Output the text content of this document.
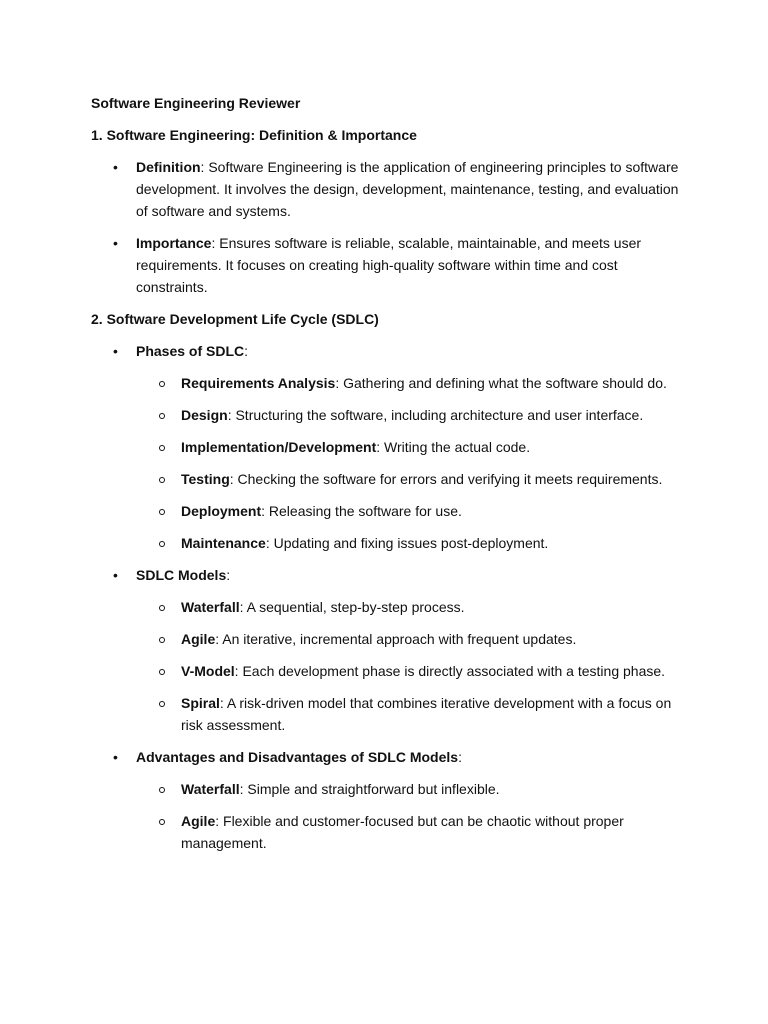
Software Engineering Reviewer

1. Software Engineering: Definition & Importance

• Definition: Software Engineering is the application of engineering principles to software development. It involves the design, development, maintenance, testing, and evaluation of software and systems.
• Importance: Ensures software is reliable, scalable, maintainable, and meets user requirements. It focuses on creating high-quality software within time and cost constraints.

2. Software Development Life Cycle (SDLC)

• Phases of SDLC:
Requirements Analysis: Gathering and defining what the software should do.
Design: Structuring the software, including architecture and user interface.
Implementation/Development: Writing the actual code.
Testing: Checking the software for errors and verifying it meets requirements.
Deployment: Releasing the software for use.
Maintenance: Updating and fixing issues post-deployment.
• SDLC Models:
Waterfall: A sequential, step-by-step process.
Agile: An iterative, incremental approach with frequent updates.
V-Model: Each development phase is directly associated with a testing phase.
Spiral: A risk-driven model that combines iterative development with a focus on risk assessment.
• Advantages and Disadvantages of SDLC Models:
Waterfall: Simple and straightforward but inflexible.
Agile: Flexible and customer-focused but can be chaotic without proper management.
